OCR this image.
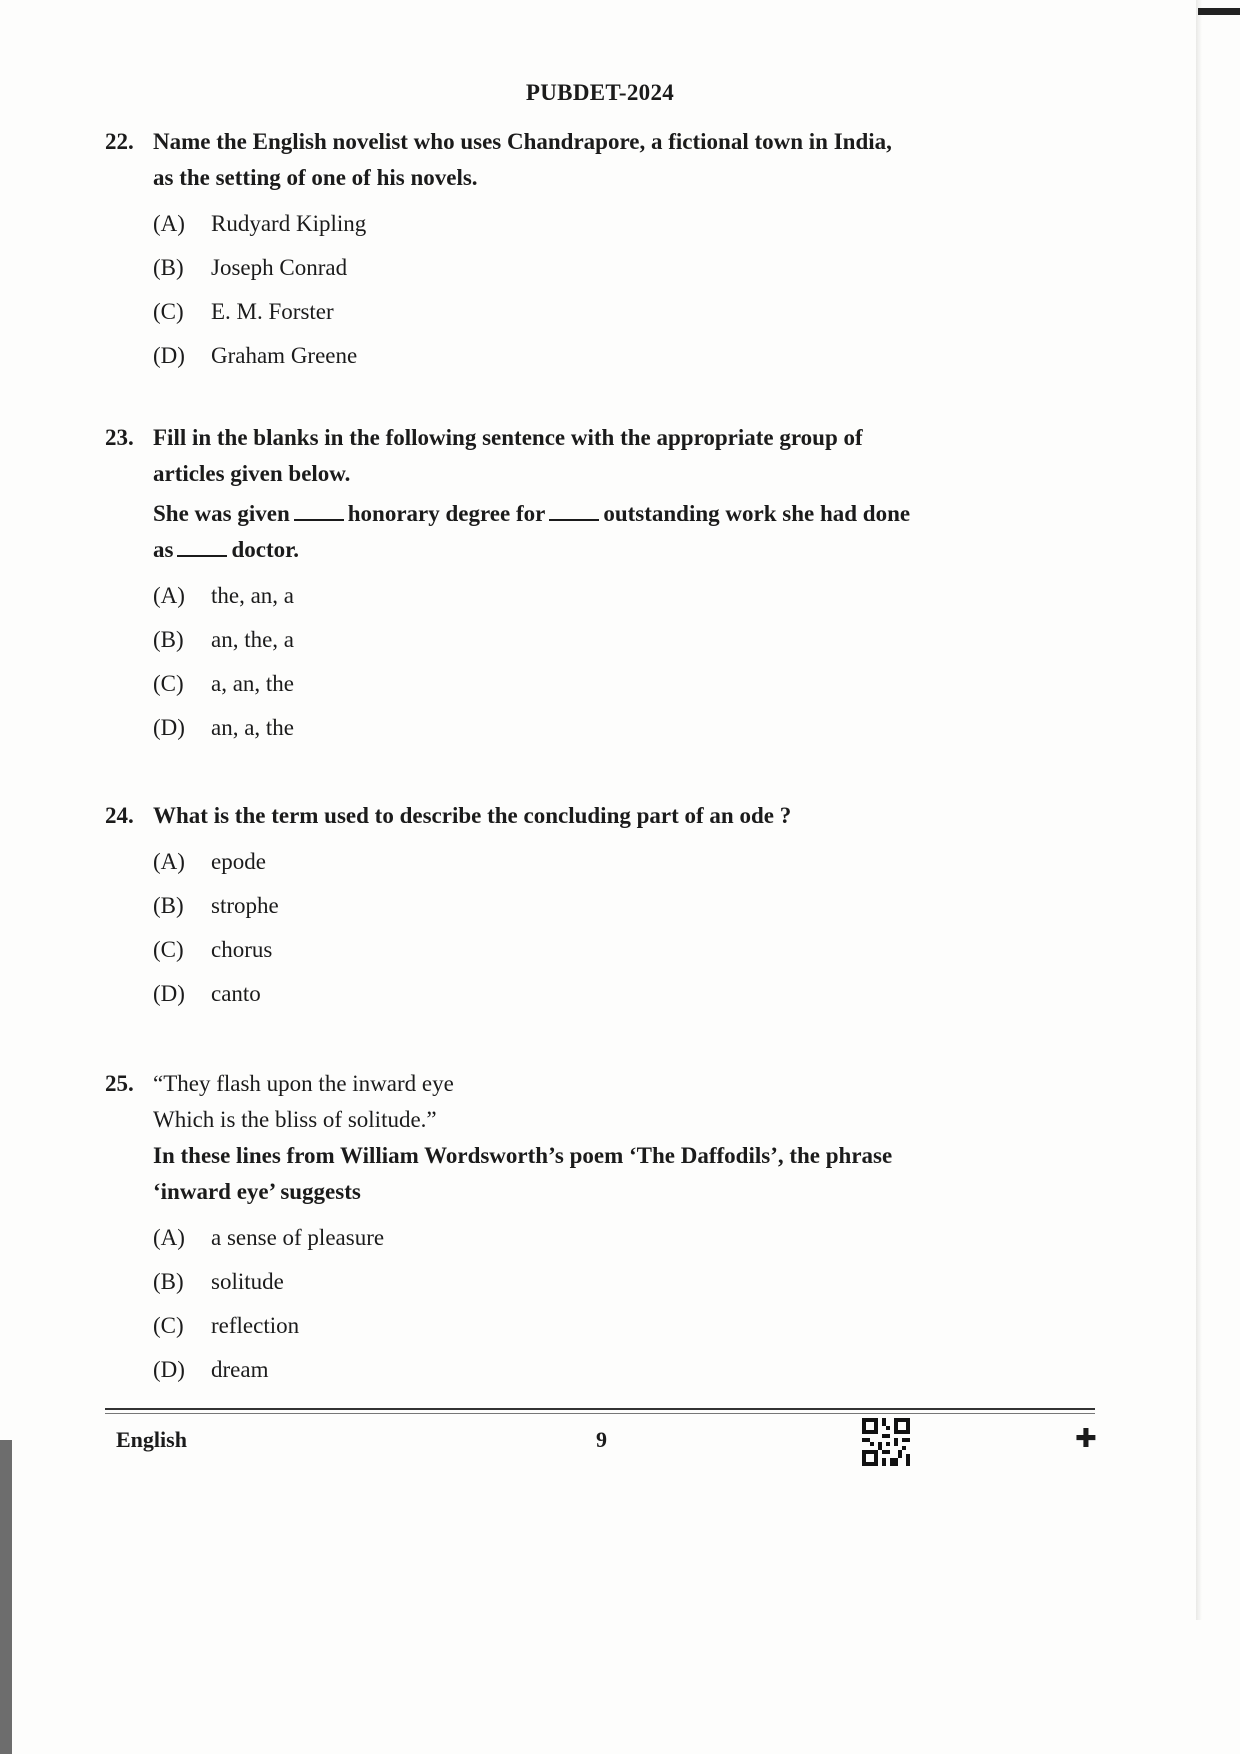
PUBDET-2024
22. Name the English novelist who uses Chandrapore, a fictional town in India,
as the setting of one of his novels.
(A)	Rudyard Kipling
(B)	Joseph Conrad
(C)	E. M. Forster
(D)	Graham Greene
23. Fill in the blanks in the following sentence with the appropriate group of
articles given below.
She was given	honorary degree for	outstanding work she had done
as	doctor.
(A)	the, an, a
(B)	an, the, a
(C)	a, an, the
(D)	an, a, the
24. What is the term used to describe the concluding part of an ode ?
(A)	epode
(B)	strophe
(C)	chorus
(D)	canto
25. “They flash upon the inward eye
Which is the bliss of solitude.”
In these lines from William Wordsworth’s poem ‘The Daffodils’, the phrase
‘inward eye’ suggests
(A)	a sense of pleasure
(B)	solitude
(C)	reflection
(D)	dream
English	9	✚
